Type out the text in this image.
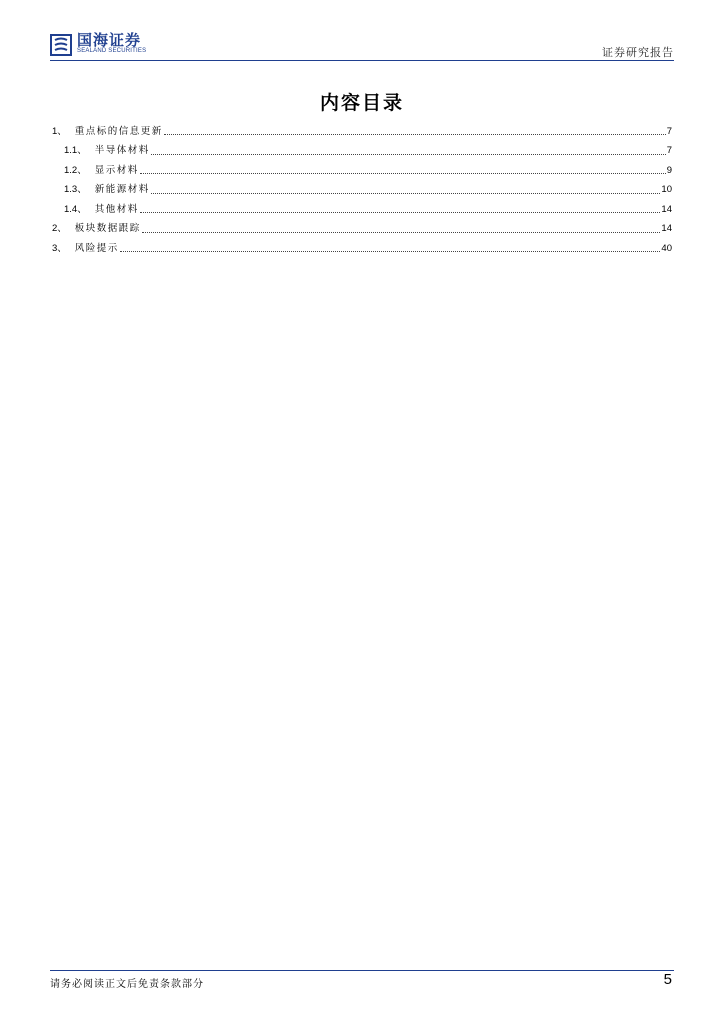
国海证券
SEALAND SECURITIES	证券研究报告
内容目录
1、 重点标的信息更新	7
1.1、 半导体材料	7
1.2、 显示材料	9
1.3、 新能源材料	10
1.4、 其他材料	14
2、 板块数据跟踪	14
3、 风险提示	40
请务必阅读正文后免责条款部分	5
